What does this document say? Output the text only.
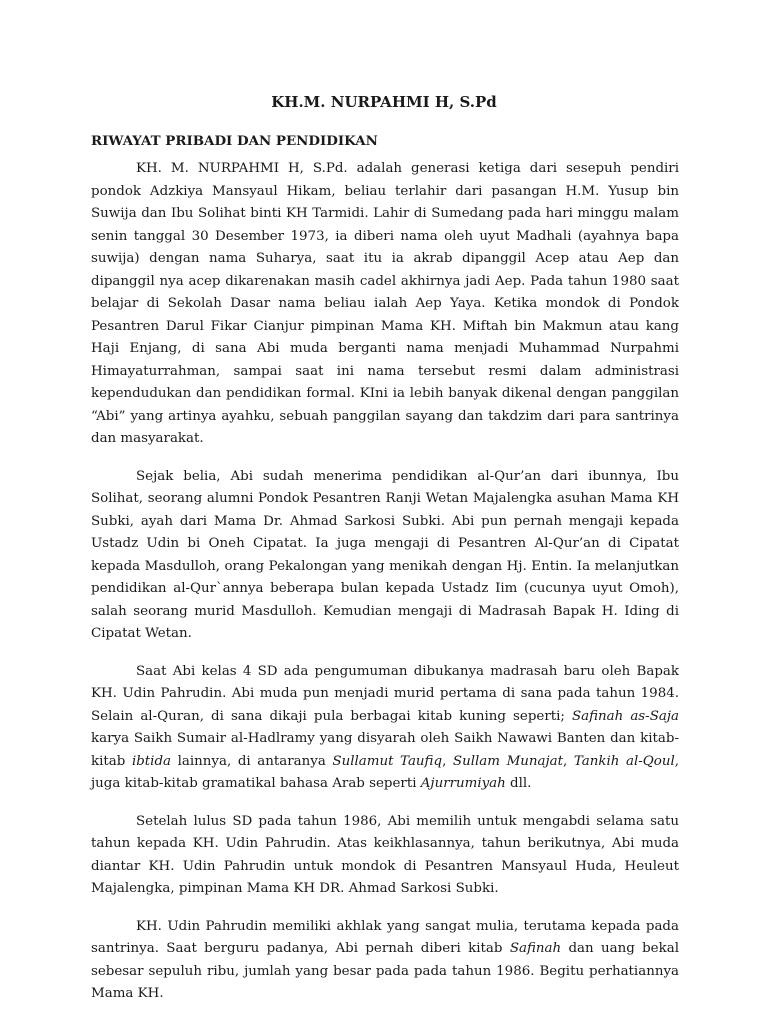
KH.M. NURPAHMI H, S.Pd
RIWAYAT PRIBADI DAN PENDIDIKAN

KH. M. NURPAHMI H, S.Pd. adalah generasi ketiga dari sesepuh pendiri pondok Adzkiya Mansyaul Hikam, beliau terlahir dari pasangan H.M. Yusup bin Suwija dan Ibu Solihat binti KH Tarmidi. Lahir di Sumedang pada hari minggu malam senin tanggal 30 Desember 1973, ia diberi nama oleh uyut Madhali (ayahnya bapa suwija) dengan nama Suharya, saat itu ia akrab dipanggil Acep atau Aep dan dipanggil nya acep dikarenakan masih cadel akhirnya jadi Aep. Pada tahun 1980 saat belajar di Sekolah Dasar nama beliau ialah Aep Yaya. Ketika mondok di Pondok Pesantren Darul Fikar Cianjur pimpinan Mama KH. Miftah bin Makmun atau kang Haji Enjang, di sana Abi muda berganti nama menjadi Muhammad Nurpahmi Himayaturrahman, sampai saat ini nama tersebut resmi dalam administrasi kependudukan dan pendidikan formal. KIni ia lebih banyak dikenal dengan panggilan “Abi” yang artinya ayahku, sebuah panggilan sayang dan takdzim dari para santrinya dan masyarakat.

Sejak belia, Abi sudah menerima pendidikan al-Qur’an dari ibunnya, Ibu Solihat, seorang alumni Pondok Pesantren Ranji Wetan Majalengka asuhan Mama KH Subki, ayah dari Mama Dr. Ahmad Sarkosi Subki. Abi pun pernah mengaji kepada Ustadz Udin bi Oneh Cipatat. Ia juga mengaji di Pesantren Al-Qur’an di Cipatat kepada Masdulloh, orang Pekalongan yang menikah dengan Hj. Entin. Ia melanjutkan pendidikan al-Qur`annya beberapa bulan kepada Ustadz Iim (cucunya uyut Omoh), salah seorang murid Masdulloh. Kemudian mengaji di Madrasah Bapak H. Iding di Cipatat Wetan.

Saat Abi kelas 4 SD ada pengumuman dibukanya madrasah baru oleh Bapak KH. Udin Pahrudin. Abi muda pun menjadi murid pertama di sana pada tahun 1984. Selain al-Quran, di sana dikaji pula berbagai kitab kuning seperti; Safinah as-Saja karya Saikh Sumair al-Hadlramy yang disyarah oleh Saikh Nawawi Banten dan kitab-kitab ibtida lainnya, di antaranya Sullamut Taufiq, Sullam Munajat, Tankih al-Qoul, juga kitab-kitab gramatikal bahasa Arab seperti Ajurrumiyah dll.

Setelah lulus SD pada tahun 1986, Abi memilih untuk mengabdi selama satu tahun kepada KH. Udin Pahrudin. Atas keikhlasannya, tahun berikutnya, Abi muda diantar KH. Udin Pahrudin untuk mondok di Pesantren Mansyaul Huda, Heuleut Majalengka, pimpinan Mama KH DR. Ahmad Sarkosi Subki.

KH. Udin Pahrudin memiliki akhlak yang sangat mulia, terutama kepada pada santrinya. Saat berguru padanya, Abi pernah diberi kitab Safinah dan uang bekal sebesar sepuluh ribu, jumlah yang besar pada pada tahun 1986. Begitu perhatiannya Mama KH.
